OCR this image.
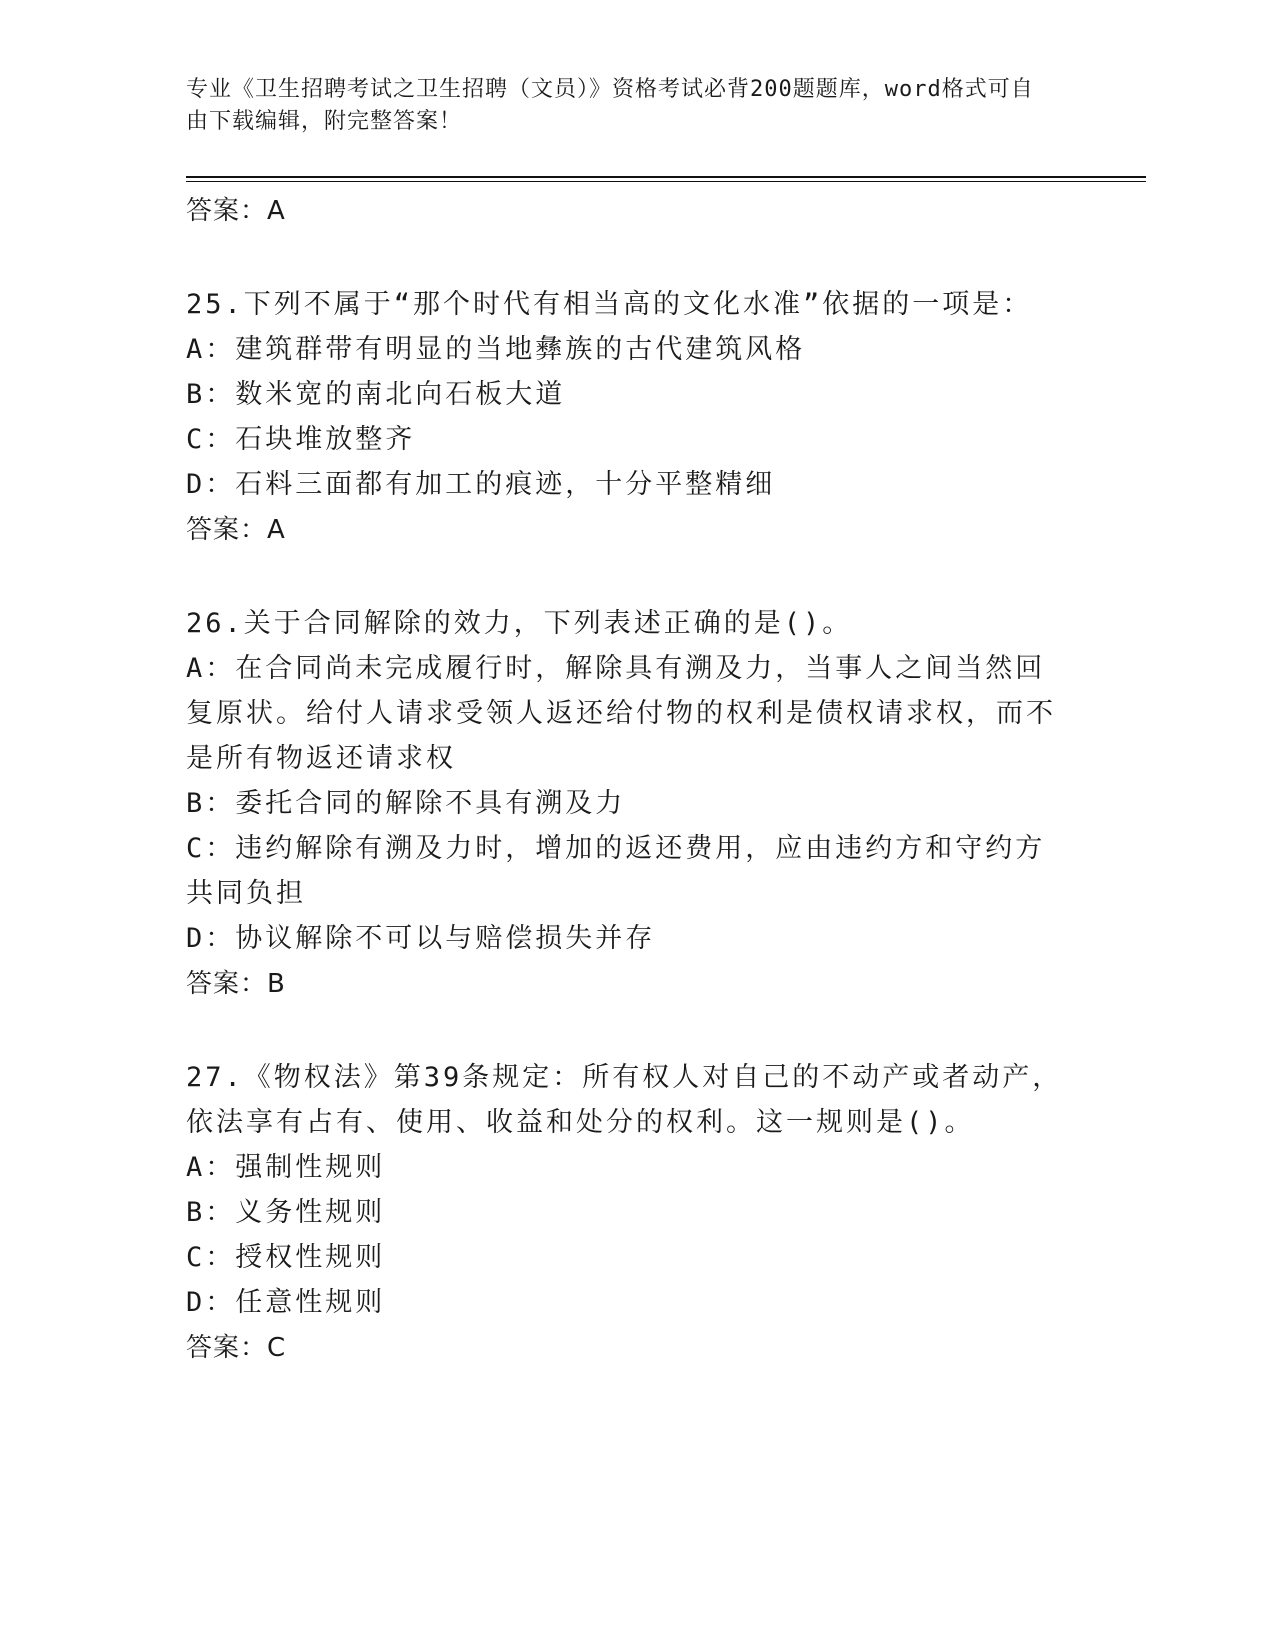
专业《卫生招聘考试之卫生招聘（文员）》资格考试必背200题题库，word格式可自由下载编辑，附完整答案！

答案：A

25.下列不属于“那个时代有相当高的文化水准”依据的一项是：

A：建筑群带有明显的当地彝族的古代建筑风格

B：数米宽的南北向石板大道

C：石块堆放整齐

D：石料三面都有加工的痕迹，十分平整精细

答案：A

26.关于合同解除的效力，下列表述正确的是()。

A：在合同尚未完成履行时，解除具有溯及力，当事人之间当然回复原状。给付人请求受领人返还给付物的权利是债权请求权，而不是所有物返还请求权

B：委托合同的解除不具有溯及力

C：违约解除有溯及力时，增加的返还费用，应由违约方和守约方共同负担

D：协议解除不可以与赔偿损失并存

答案：B

27.《物权法》第39条规定：所有权人对自己的不动产或者动产，依法享有占有、使用、收益和处分的权利。这一规则是()。

A：强制性规则

B：义务性规则

C：授权性规则

D：任意性规则

答案：C
